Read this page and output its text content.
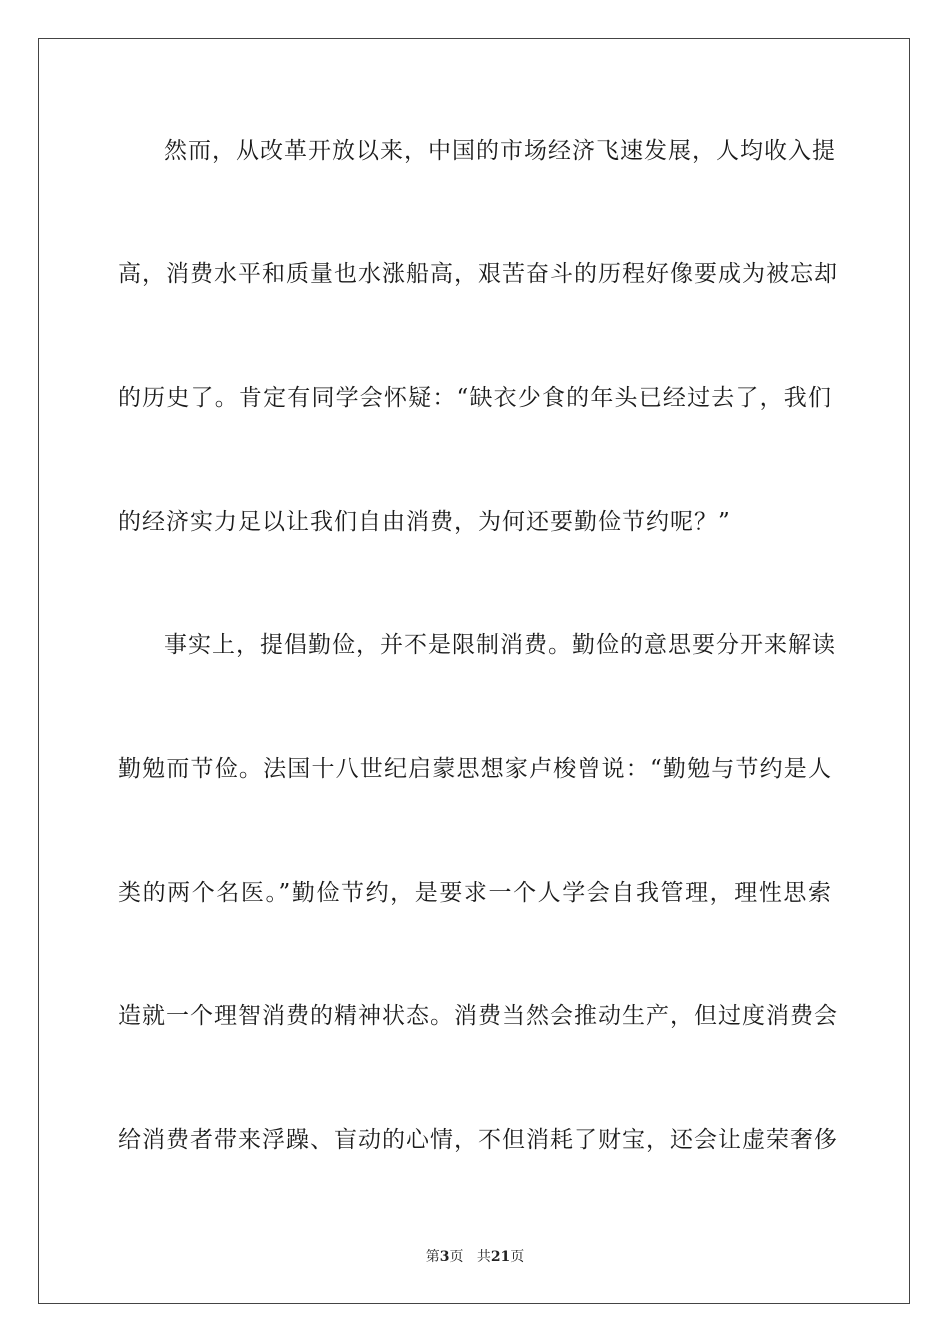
然而，从改革开放以来，中国的市场经济飞速发展，人均收入提
高，消费水平和质量也水涨船高，艰苦奋斗的历程好像要成为被忘却
的历史了。肯定有同学会怀疑：“缺衣少食的年头已经过去了，我们
的经济实力足以让我们自由消费，为何还要勤俭节约呢？”
事实上，提倡勤俭，并不是限制消费。勤俭的意思要分开来解读
勤勉而节俭。法国十八世纪启蒙思想家卢梭曾说：“勤勉与节约是人
类的两个名医。”勤俭节约，是要求一个人学会自我管理，理性思索
造就一个理智消费的精神状态。消费当然会推动生产，但过度消费会
给消费者带来浮躁、盲动的心情，不但消耗了财宝，还会让虚荣奢侈
第3页 共21页
